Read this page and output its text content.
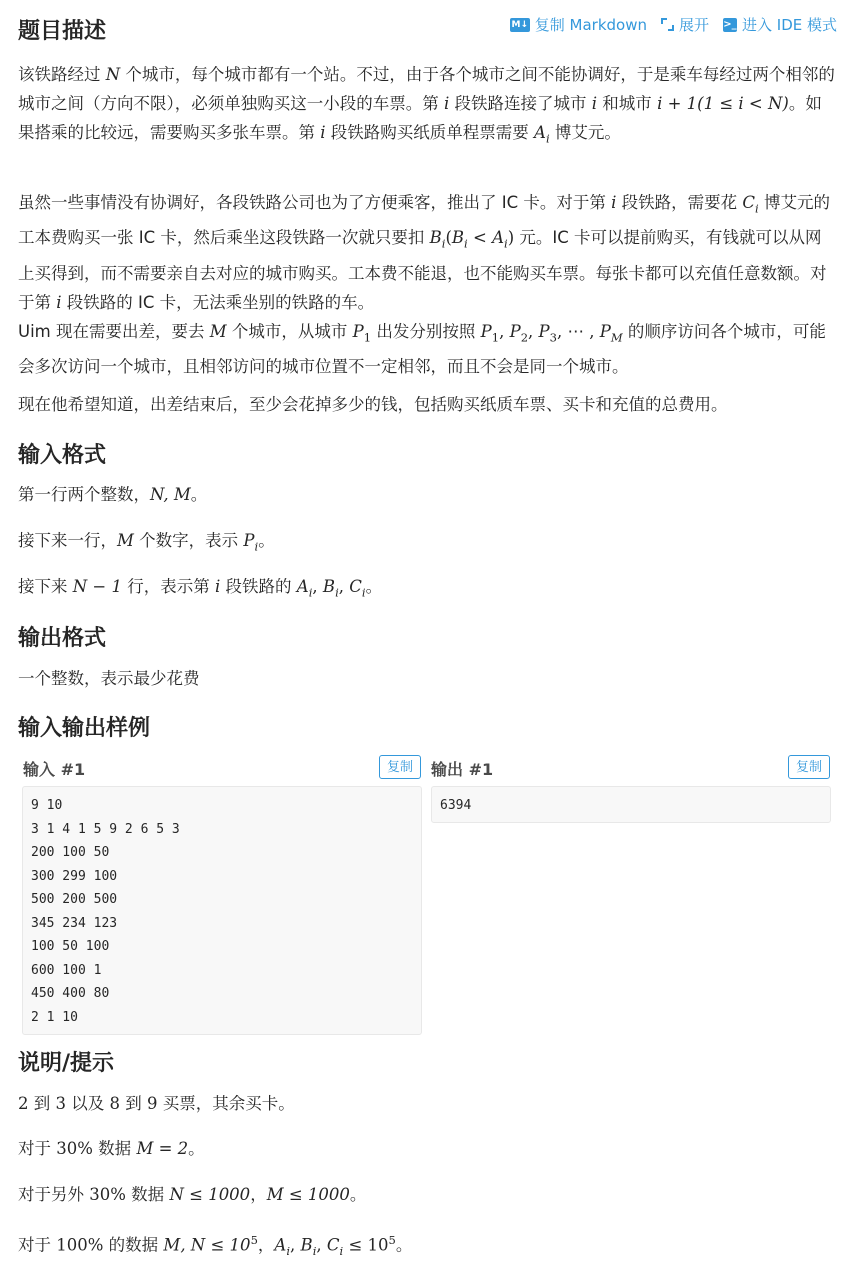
M↓ 复制 Markdown 展开 >_ 进入 IDE 模式
题目描述

该铁路经过 N 个城市，每个城市都有一个站。不过，由于各个城市之间不能协调好，于是乘车每经过两个相邻的城市之间（方向不限），必须单独购买这一小段的车票。第 i 段铁路连接了城市 i 和城市 i + 1(1 ≤ i < N)。如果搭乘的比较远，需要购买多张车票。第 i 段铁路购买纸质单程票需要 $A_i$ 博艾元。

虽然一些事情没有协调好，各段铁路公司也为了方便乘客，推出了 IC 卡。对于第 i 段铁路，需要花 $C_i$ 博艾元的工本费购买一张 IC 卡，然后乘坐这段铁路一次就只要扣 $B_i(B_i < A_i)$ 元。IC 卡可以提前购买，有钱就可以从网上买得到，而不需要亲自去对应的城市购买。工本费不能退，也不能购买车票。每张卡都可以充值任意数额。对于第 i 段铁路的 IC 卡，无法乘坐别的铁路的车。

Uim 现在需要出差，要去 M 个城市，从城市 $P_1$ 出发分别按照 $P_1$, $P_2$, $P_3$, ⋯ , $P_M$ 的顺序访问各个城市，可能会多次访问一个城市，且相邻访问的城市位置不一定相邻，而且不会是同一个城市。

现在他希望知道，出差结束后，至少会花掉多少的钱，包括购买纸质车票、买卡和充值的总费用。

输入格式

第一行两个整数，N, M。

接下来一行，M 个数字，表示 $P_i$。

接下来 N − 1 行，表示第 i 段铁路的 $A_i$, $B_i$, $C_i$。

输出格式

一个整数，表示最少花费

输入输出样例
输入 #1	复制
9 10
3 1 4 1 5 9 2 6 5 3
200 100 50
300 299 100
500 200 500
345 234 123
100 50 100
600 100 1
450 400 80
2 1 10
输出 #1	复制
6394
说明/提示

2 到 3 以及 8 到 9 买票，其余买卡。

对于 30% 数据 M = 2。

对于另外 30% 数据 N ≤ 1000，M ≤ 1000。

对于 100% 的数据 M, $N \le 10^5$，$A_i$, $B_i$, $C_i \le 10^5$。
